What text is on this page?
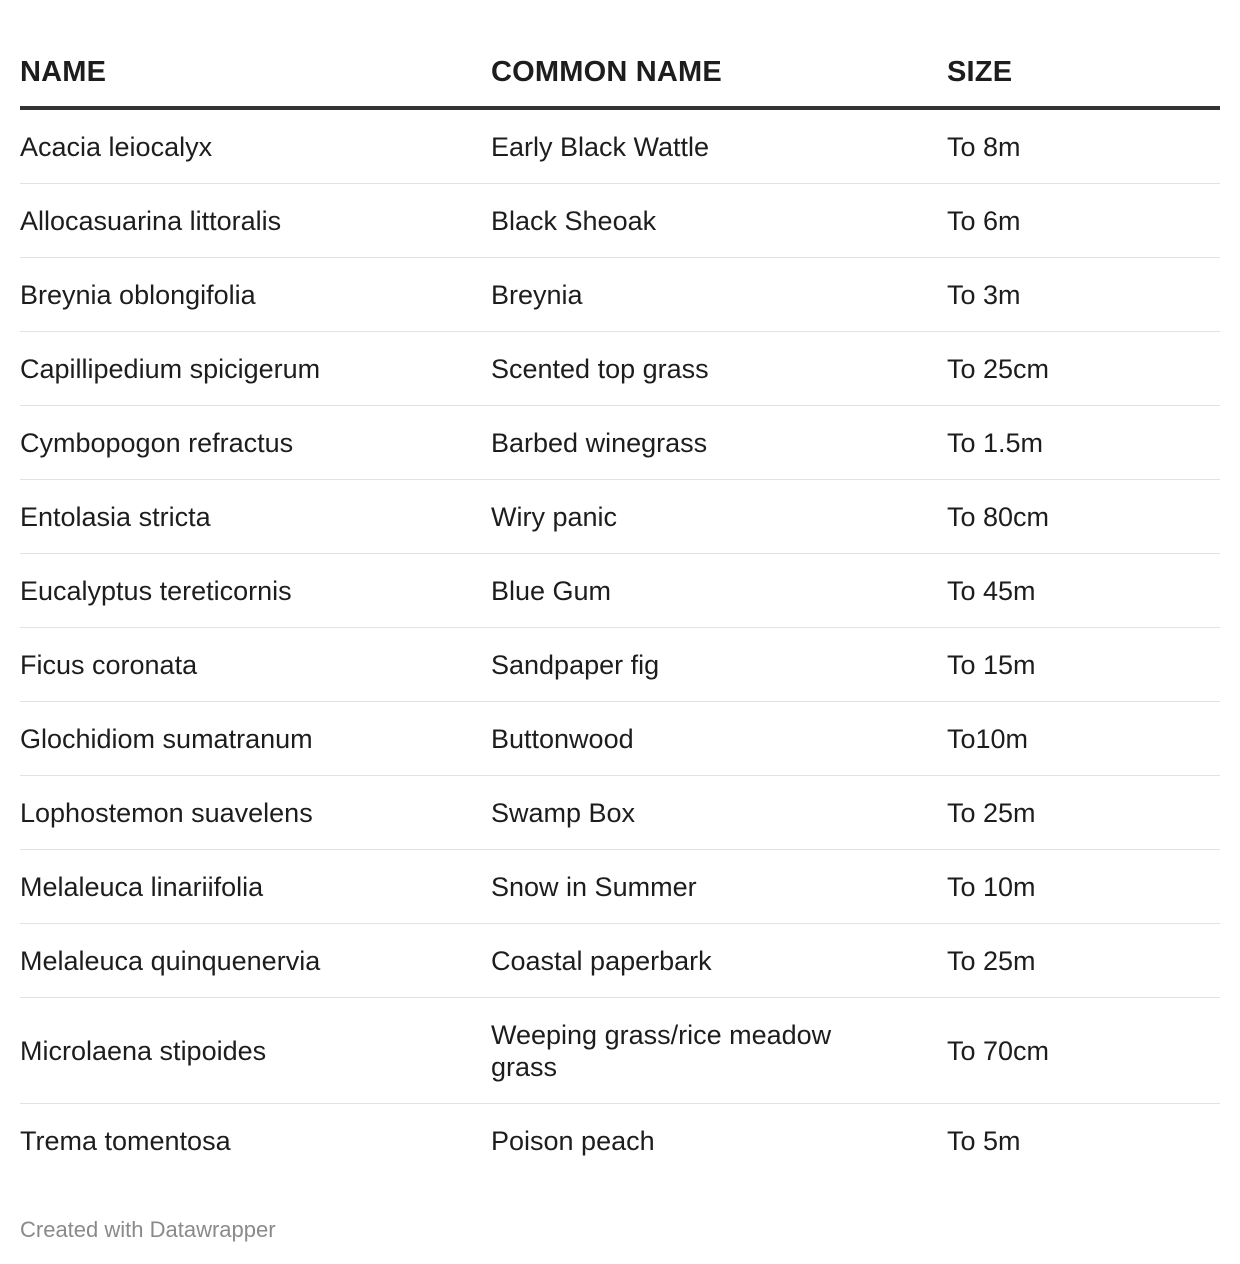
NAME	COMMON NAME	SIZE
Acacia leiocalyx	Early Black Wattle	To 8m
Allocasuarina littoralis	Black Sheoak	To 6m
Breynia oblongifolia	Breynia	To 3m
Capillipedium spicigerum	Scented top grass	To 25cm
Cymbopogon refractus	Barbed winegrass	To 1.5m
Entolasia stricta	Wiry panic	To 80cm
Eucalyptus tereticornis	Blue Gum	To 45m
Ficus coronata	Sandpaper fig	To 15m
Glochidiom sumatranum	Buttonwood	To10m
Lophostemon suavelens	Swamp Box	To 25m
Melaleuca linariifolia	Snow in Summer	To 10m
Melaleuca quinquenervia	Coastal paperbark	To 25m
Microlaena stipoides	Weeping grass/rice meadow grass	To 70cm
Trema tomentosa	Poison peach	To 5m
Created with Datawrapper
